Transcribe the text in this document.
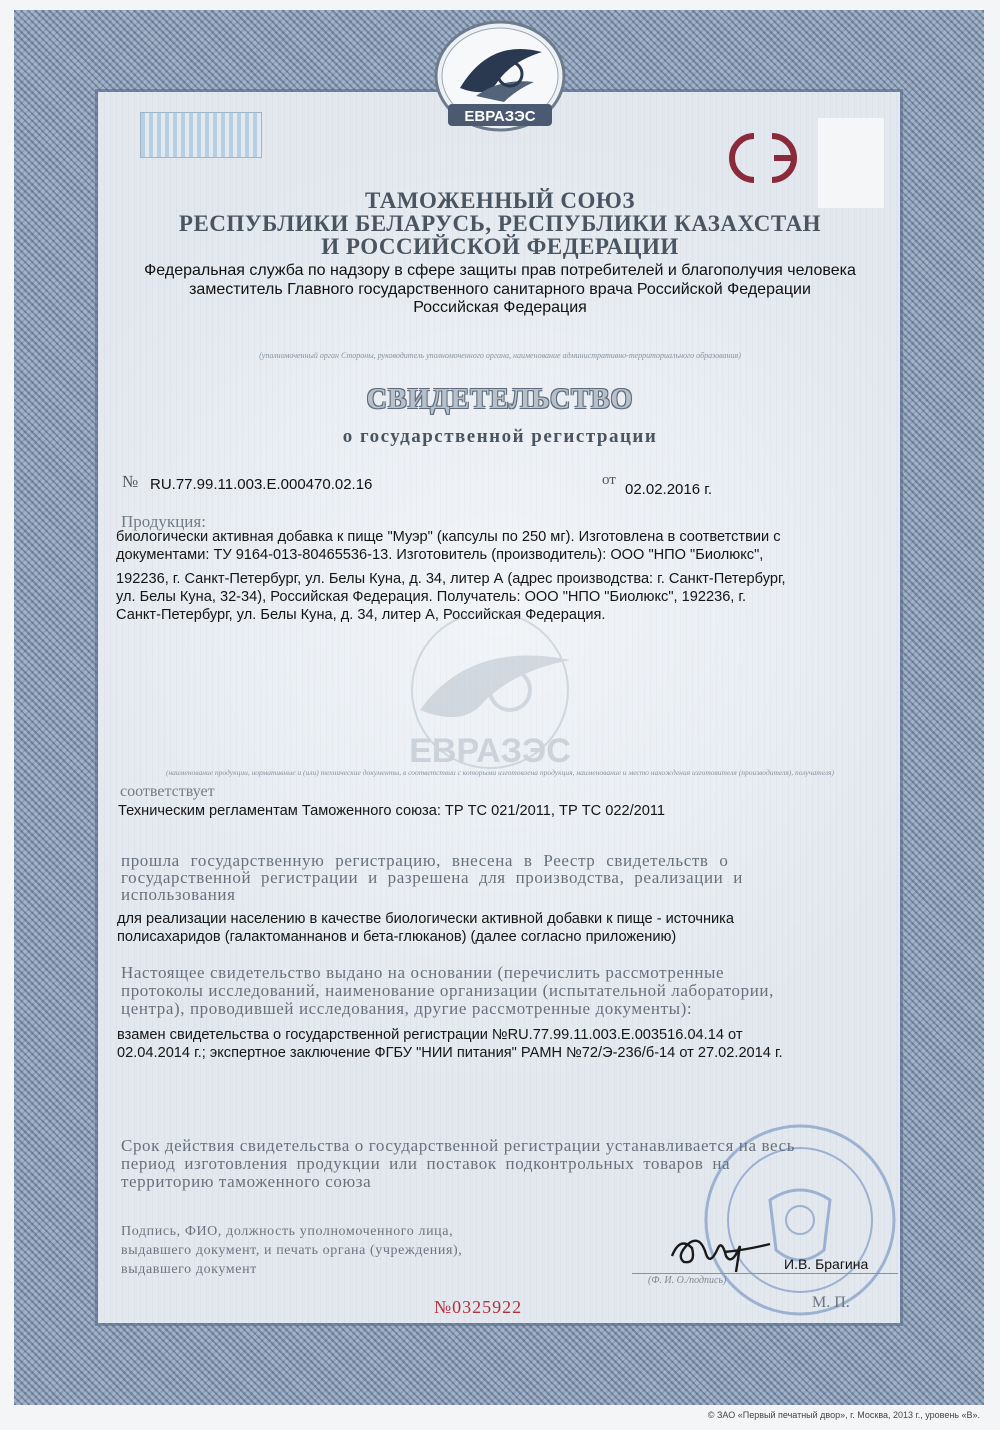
ЕВРАЗЭС
ТАМОЖЕННЫЙ СОЮЗ
РЕСПУБЛИКИ БЕЛАРУСЬ, РЕСПУБЛИКИ КАЗАХСТАН
И РОССИЙСКОЙ ФЕДЕРАЦИИ
Федеральная служба по надзору в сфере защиты прав потребителей и благополучия человека
заместитель Главного государственного санитарного врача Российской Федерации
Российская Федерация
(уполномоченный орган Стороны, руководитель уполномоченного органа, наименование административно-территориального образования)
СВИДЕТЕЛЬСТВО
о государственной регистрации
№ RU.77.99.11.003.Е.000470.02.16	от
02.02.2016 г.
Продукция:
биологически активная добавка к пище "Муэр" (капсулы по 250 мг). Изготовлена в соответствии с
документами: ТУ 9164-013-80465536-13. Изготовитель (производитель): ООО "НПО "Биолюкс",
192236, г. Санкт-Петербург, ул. Белы Куна, д. 34, литер А (адрес производства: г. Санкт-Петербург,
ул. Белы Куна, 32-34), Российская Федерация. Получатель: ООО "НПО "Биолюкс", 192236, г.
Санкт-Петербург, ул. Белы Куна, д. 34, литер А, Российская Федерация.
ЕВРАЗЭС
(наименование продукции, нормативные и (или) технические документы, в соответствии с которыми изготовлена продукция, наименование и место нахождения изготовителя (производителя), получателя)
соответствует
Техническим регламентам Таможенного союза: ТР ТС 021/2011, ТР ТС 022/2011
прошла государственную регистрацию, внесена в Реестр свидетельств о
государственной регистрации и разрешена для производства, реализации и
использования
для реализации населению в качестве биологически активной добавки к пище - источника
полисахаридов (галактоманнанов и бета-глюканов) (далее согласно приложению)
Настоящее свидетельство выдано на основании (перечислить рассмотренные
протоколы исследований, наименование организации (испытательной лаборатории,
центра), проводившей исследования, другие рассмотренные документы):
взамен свидетельства о государственной регистрации №RU.77.99.11.003.Е.003516.04.14 от
02.04.2014 г.; экспертное заключение ФГБУ "НИИ питания" РАМН №72/Э-236/б-14 от 27.02.2014 г.
Срок действия свидетельства о государственной регистрации устанавливается на весь
период изготовления продукции или поставок подконтрольных товаров на
территорию таможенного союза
Подпись, ФИО, должность уполномоченного лица,
выдавшего документ, и печать органа (учреждения),
выдавшего документ	И.В. Брагина
(Ф. И. О./подпись)
М. П.
№0325922
© ЗАО «Первый печатный двор», г. Москва, 2013 г., уровень «В».
